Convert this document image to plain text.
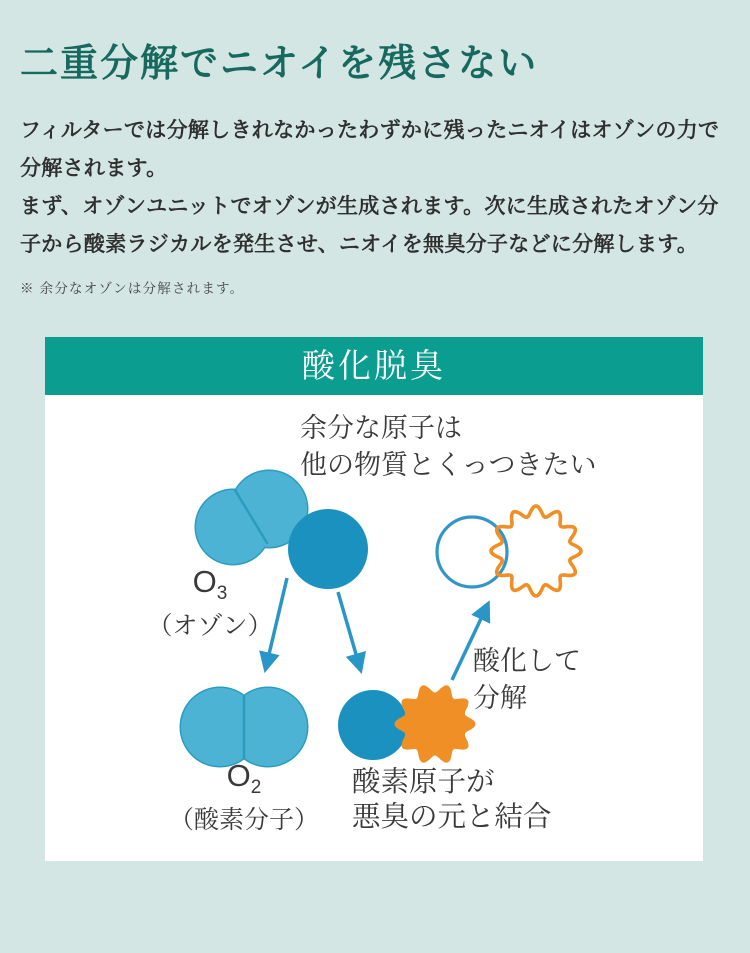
二重分解でニオイを残さない

フィルターでは分解しきれなかったわずかに残ったニオイはオゾンの力で分解されます。

まず、オゾンユニットでオゾンが生成されます。次に生成されたオゾン分子から酸素ラジカルを発生させ、ニオイを無臭分子などに分解します。

※ 余分なオゾンは分解されます。
酸化脱臭
余分な原子は
他の物質とくっつきたい
$O_3$
（オゾン）
$O_2$
（酸素分子）
酸素原子が
悪臭の元と結合
酸化して
分解
